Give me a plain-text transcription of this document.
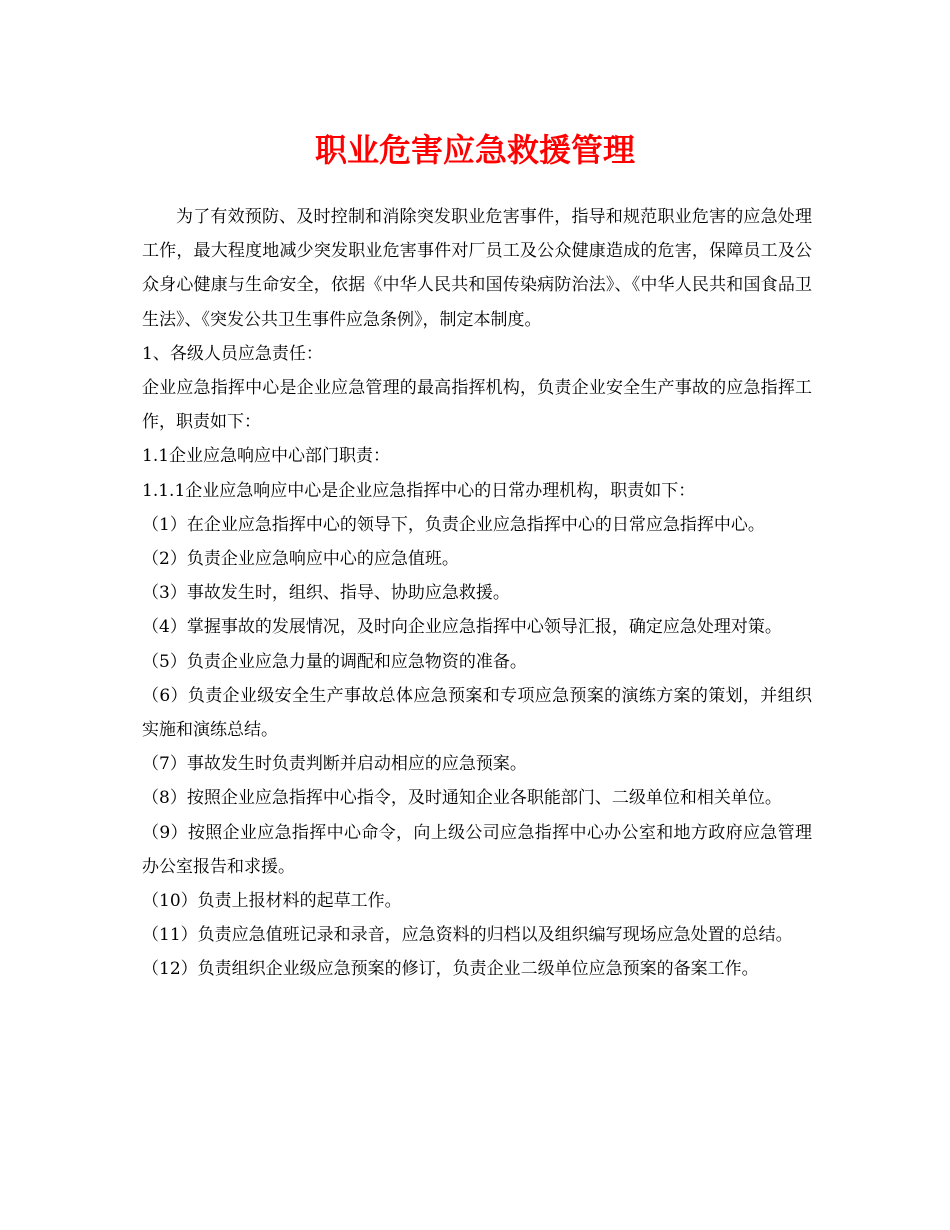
职业危害应急救援管理

为了有效预防、及时控制和消除突发职业危害事件，指导和规范职业危害的应急处理工作，最大程度地减少突发职业危害事件对厂员工及公众健康造成的危害，保障员工及公众身心健康与生命安全，依据《中华人民共和国传染病防治法》、《中华人民共和国食品卫生法》、《突发公共卫生事件应急条例》，制定本制度。

1、各级人员应急责任：

企业应急指挥中心是企业应急管理的最高指挥机构，负责企业安全生产事故的应急指挥工作，职责如下：

1.1企业应急响应中心部门职责：

1.1.1企业应急响应中心是企业应急指挥中心的日常办理机构，职责如下：

（1）在企业应急指挥中心的领导下，负责企业应急指挥中心的日常应急指挥中心。

（2）负责企业应急响应中心的应急值班。

（3）事故发生时，组织、指导、协助应急救援。

（4）掌握事故的发展情况，及时向企业应急指挥中心领导汇报，确定应急处理对策。

（5）负责企业应急力量的调配和应急物资的准备。

（6）负责企业级安全生产事故总体应急预案和专项应急预案的演练方案的策划，并组织实施和演练总结。

（7）事故发生时负责判断并启动相应的应急预案。

（8）按照企业应急指挥中心指令，及时通知企业各职能部门、二级单位和相关单位。

（9）按照企业应急指挥中心命令，向上级公司应急指挥中心办公室和地方政府应急管理办公室报告和求援。

（10）负责上报材料的起草工作。

（11）负责应急值班记录和录音，应急资料的归档以及组织编写现场应急处置的总结。

（12）负责组织企业级应急预案的修订，负责企业二级单位应急预案的备案工作。
